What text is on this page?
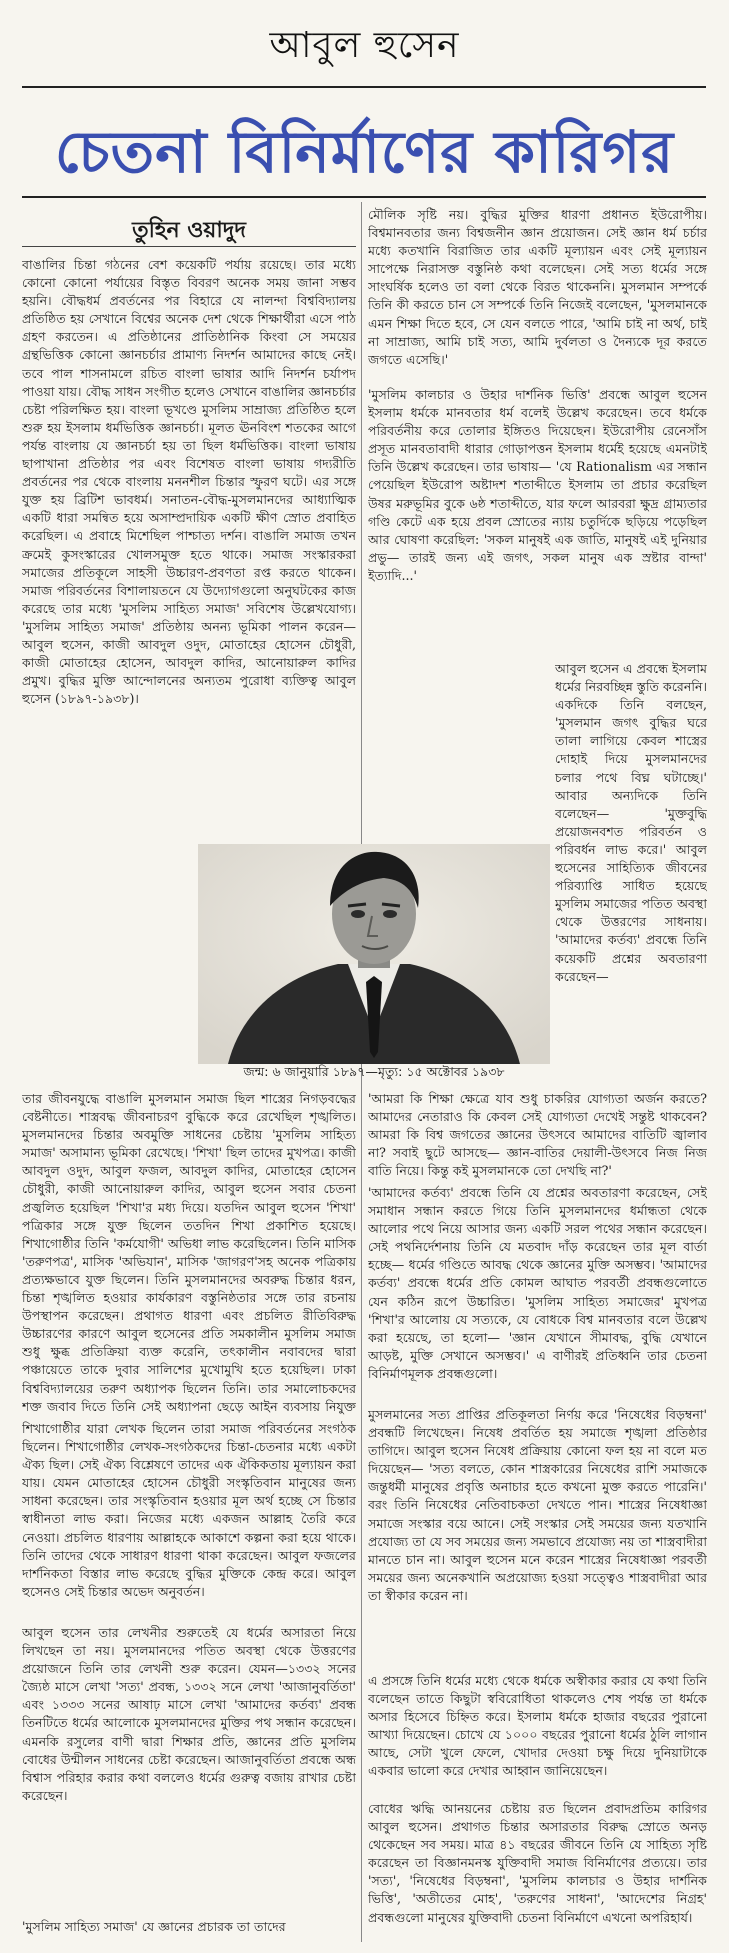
আবুল হুসেন
চেতনা বিনির্মাণের কারিগর
তুহিন ওয়াদুদ

বাঙালির চিন্তা গঠনের বেশ কয়েকটি পর্যায় রয়েছে। তার মধ্যে কোনো কোনো পর্যায়ের বিস্তৃত বিবরণ অনেক সময় জানা সম্ভব হয়নি। বৌদ্ধধর্ম প্রবর্তনের পর বিহারে যে নালন্দা বিশ্ববিদ্যালয় প্রতিষ্ঠিত হয় সেখানে বিশ্বের অনেক দেশ থেকে শিক্ষার্থীরা এসে পাঠ গ্রহণ করতেন। এ প্রতিষ্ঠানের প্রাতিষ্ঠানিক কিংবা সে সময়ের গ্রন্থভিত্তিক কোনো জ্ঞানচর্চার প্রামাণ্য নিদর্শন আমাদের কাছে নেই। তবে পাল শাসনামলে রচিত বাংলা ভাষার আদি নিদর্শন চর্যাপদ পাওয়া যায়। বৌদ্ধ সাধন সংগীত হলেও সেখানে বাঙালির জ্ঞানচর্চার চেষ্টা পরিলক্ষিত হয়। বাংলা ভূখণ্ডে মুসলিম সাম্রাজ্য প্রতিষ্ঠিত হলে শুরু হয় ইসলাম ধর্মভিত্তিক জ্ঞানচর্চা। মূলত ঊনবিংশ শতকের আগে পর্যন্ত বাংলায় যে জ্ঞানচর্চা হয় তা ছিল ধর্মভিত্তিক। বাংলা ভাষায় ছাপাখানা প্রতিষ্ঠার পর এবং বিশেষত বাংলা ভাষায় গদ্যরীতি প্রবর্তনের পর থেকে বাংলায় মননশীল চিন্তার স্ফুরণ ঘটে। এর সঙ্গে যুক্ত হয় ব্রিটিশ ভাবধর্ম। সনাতন-বৌদ্ধ-মুসলমানদের আধ্যাত্মিক একটি ধারা সমন্বিত হয়ে অসাম্প্রদায়িক একটি ক্ষীণ স্রোত প্রবাহিত করেছিল। এ প্রবাহে মিশেছিল পাশ্চাত্য দর্শন। বাঙালি সমাজ তখন ক্রমেই কুসংস্কারের খোলসমুক্ত হতে থাকে। সমাজ সংস্কারকরা সমাজের প্রতিকূলে সাহসী উচ্চারণ-প্রবণতা রপ্ত করতে থাকেন। সমাজ পরিবর্তনের বিশালায়তনে যে উদ্যোগগুলো অনুঘটকের কাজ করেছে তার মধ্যে 'মুসলিম সাহিত্য সমাজ' সবিশেষ উল্লেখযোগ্য। 'মুসলিম সাহিত্য সমাজ' প্রতিষ্ঠায় অনন্য ভূমিকা পালন করেন— আবুল হুসেন, কাজী আবদুল ওদুদ, মোতাহের হোসেন চৌধুরী, কাজী মোতাহের হোসেন, আবদুল কাদির, আনোয়ারুল কাদির প্রমুখ। বুদ্ধির মুক্তি আন্দোলনের অন্যতম পুরোধা ব্যক্তিত্ব আবুল হুসেন (১৮৯৭-১৯৩৮)।

তার জীবনযুদ্ধে বাঙালি মুসলমান সমাজ ছিল শাস্ত্রের নিগড়বদ্ধের বেষ্টনীতে। শাস্ত্রবদ্ধ জীবনাচরণ বুদ্ধিকে করে রেখেছিল শৃঙ্খলিত। মুসলমানদের চিন্তার অবমুক্তি সাধনের চেষ্টায় 'মুসলিম সাহিত্য সমাজ' অসামান্য ভূমিকা রেখেছে। 'শিখা' ছিল তাদের মুখপত্র। কাজী আবদুল ওদুদ, আবুল ফজল, আবদুল কাদির, মোতাহের হোসেন চৌধুরী, কাজী আনোয়ারুল কাদির, আবুল হুসেন সবার চেতনা প্রজ্বলিত হয়েছিল 'শিখা'র মধ্য দিয়ে। যতদিন আবুল হুসেন 'শিখা' পত্রিকার সঙ্গে যুক্ত ছিলেন ততদিন শিখা প্রকাশিত হয়েছে। শিখাগোষ্ঠীর তিনি 'কর্মযোগী' অভিধা লাভ করেছিলেন। তিনি মাসিক 'তরুণপত্র', মাসিক 'অভিযান', মাসিক 'জাগরণ'সহ অনেক পত্রিকায় প্রত্যক্ষভাবে যুক্ত ছিলেন। তিনি মুসলমানদের অবরুদ্ধ চিন্তার ধরন, চিন্তা শৃঙ্খলিত হওয়ার কার্যকারণ বস্তুনিষ্ঠতার সঙ্গে তার রচনায় উপস্থাপন করেছেন। প্রথাগত ধারণা এবং প্রচলিত রীতিবিরুদ্ধ উচ্চারণের কারণে আবুল হুসেনের প্রতি সমকালীন মুসলিম সমাজ শুধু ক্ষুব্ধ প্রতিক্রিয়া ব্যক্ত করেনি, তৎকালীন নবাবদের দ্বারা পঞ্চায়েতে তাকে দুবার সালিশের মুখোমুখি হতে হয়েছিল। ঢাকা বিশ্ববিদ্যালয়ের তরুণ অধ্যাপক ছিলেন তিনি। তার সমালোচকদের শক্ত জবাব দিতে তিনি সেই অধ্যাপনা ছেড়ে আইন ব্যবসায় নিযুক্ত

শিখাগোষ্ঠীর যারা লেখক ছিলেন তারা সমাজ পরিবর্তনের সংগঠক ছিলেন। শিখাগোষ্ঠীর লেখক-সংগঠকদের চিন্তা-চেতনার মধ্যে একটা ঐক্য ছিল। সেই ঐক্য বিশ্লেষণে তাদের এক ঐকিকতায় মূল্যায়ন করা যায়। যেমন মোতাহের হোসেন চৌধুরী সংস্কৃতিবান মানুষের জন্য সাধনা করেছেন। তার সংস্কৃতিবান হওয়ার মূল অর্থ হচ্ছে সে চিন্তার স্বাধীনতা লাভ করা। নিজের মধ্যে একজন আল্লাহ তৈরি করে নেওয়া। প্রচলিত ধারণায় আল্লাহকে আকাশে কল্পনা করা হয়ে থাকে। তিনি তাদের থেকে সাধারণ ধারণা থাকা করেছেন। আবুল ফজলের দার্শনিকতা বিস্তার লাভ করেছে বুদ্ধির মুক্তিকে কেন্দ্র করে। আবুল হুসেনও সেই চিন্তার অভেদ অনুবর্তন।

আবুল হুসেন তার লেখনীর শুরুতেই যে ধর্মের অসারতা নিয়ে লিখছেন তা নয়। মুসলমানদের পতিত অবস্থা থেকে উত্তরণের প্রয়োজনে তিনি তার লেখনী শুরু করেন। যেমন—১৩৩২ সনের জ্যৈষ্ঠ মাসে লেখা 'সত্য' প্রবন্ধ, ১৩৩২ সনে লেখা 'আজানুবর্তিতা' এবং ১৩৩৩ সনের আষাঢ় মাসে লেখা 'আমাদের কর্তব্য' প্রবন্ধ তিনটিতে ধর্মের আলোকে মুসলমানদের মুক্তির পথ সন্ধান করেছেন। এমনকি রসুলের বাণী দ্বারা শিক্ষার প্রতি, জ্ঞানের প্রতি মুসলিম বোধের উন্মীলন সাধনের চেষ্টা করেছেন। আজানুবর্তিতা প্রবন্ধে অন্ধ বিশ্বাস পরিহার করার কথা বললেও ধর্মের গুরুত্ব বজায় রাখার চেষ্টা করেছেন।

'মুসলিম সাহিত্য সমাজ' যে জ্ঞানের প্রচারক তা তাদের

মৌলিক সৃষ্টি নয়। বুদ্ধির মুক্তির ধারণা প্রধানত ইউরোপীয়। বিশ্বমানবতার জন্য বিশ্বজনীন জ্ঞান প্রয়োজন। সেই জ্ঞান ধর্ম চর্চার মধ্যে কতখানি বিরাজিত তার একটি মূল্যায়ন এবং সেই মূল্যায়ন সাপেক্ষে নিরাসক্ত বস্তুনিষ্ঠ কথা বলেছেন। সেই সত্য ধর্মের সঙ্গে সাংঘর্ষিক হলেও তা বলা থেকে বিরত থাকেননি। মুসলমান সম্পর্কে তিনি কী করতে চান সে সম্পর্কে তিনি নিজেই বলেছেন, 'মুসলমানকে এমন শিক্ষা দিতে হবে, সে যেন বলতে পারে, 'আমি চাই না অর্থ, চাই না সাম্রাজ্য, আমি চাই সত্য, আমি দুর্বলতা ও দৈন্যকে দূর করতে জগতে এসেছি।'

'মুসলিম কালচার ও উহার দার্শনিক ভিত্তি' প্রবন্ধে আবুল হুসেন ইসলাম ধর্মকে মানবতার ধর্ম বলেই উল্লেখ করেছেন। তবে ধর্মকে পরিবর্তনীয় করে তোলার ইঙ্গিতও দিয়েছেন। ইউরোপীয় রেনেসাঁস প্রসূত মানবতাবাদী ধারার গোড়াপত্তন ইসলাম ধর্মেই হয়েছে এমনটাই তিনি উল্লেখ করেছেন। তার ভাষায়— 'যে Rationalism এর সন্ধান পেয়েছিল ইউরোপ অষ্টাদশ শতাব্দীতে ইসলাম তা প্রচার করেছিল উষর মরুভূমির বুকে ৬ষ্ঠ শতাব্দীতে, যার ফলে আরবরা ক্ষুদ্র গ্রাম্যতার গণ্ডি কেটে এক হয়ে প্রবল স্রোতের ন্যায় চতুর্দিকে ছড়িয়ে পড়েছিল আর ঘোষণা করেছিল: 'সকল মানুষই এক জাতি, মানুষই এই দুনিয়ার প্রভু— তারই জন্য এই জগৎ, সকল মানুষ এক স্রষ্টার বান্দা' ইত্যাদি...'

আবুল হুসেন এ প্রবন্ধে ইসলাম ধর্মের নিরবচ্ছিন্ন স্তুতি করেননি। একদিকে তিনি বলছেন, 'মুসলমান জগৎ বুদ্ধির ঘরে তালা লাগিয়ে কেবল শাস্ত্রের দোহাই দিয়ে মুসলমানদের চলার পথে বিঘ্ন ঘটাচ্ছে।' আবার অন্যদিকে তিনি বলেছেন— 'মুক্তবুদ্ধি প্রয়োজনবশত পরিবর্তন ও পরিবর্ধন লাভ করে।' আবুল হুসেনের সাহিত্যিক জীবনের পরিব্যাপ্তি সাধিত হয়েছে মুসলিম সমাজের পতিত অবস্থা থেকে উত্তরণের সাধনায়। 'আমাদের কর্তব্য' প্রবন্ধে তিনি কয়েকটি প্রশ্নের অবতারণা করেছেন—

'আমরা কি শিক্ষা ক্ষেত্রে যাব শুধু চাকরির যোগ্যতা অর্জন করতে? আমাদের নেতারাও কি কেবল সেই যোগ্যতা দেখেই সন্তুষ্ট থাকবেন? আমরা কি বিশ্ব জগতের জ্ঞানের উৎসবে আমাদের বাতিটি জ্বালাব না? সবাই ছুটে আসছে— জ্ঞান-বাতির দেয়ালী-উৎসবে নিজ নিজ বাতি নিয়ে। কিন্তু কই মুসলমানকে তো দেখছি না?'

'আমাদের কর্তব্য' প্রবন্ধে তিনি যে প্রশ্নের অবতারণা করেছেন, সেই সমাধান সন্ধান করতে গিয়ে তিনি মুসলমানদের ধর্মান্ধতা থেকে আলোর পথে নিয়ে আসার জন্য একটি সরল পথের সন্ধান করেছেন। সেই পথনির্দেশনায় তিনি যে মতবাদ দাঁড় করেছেন তার মূল বার্তা হচ্ছে— ধর্মের গণ্ডিতে আবদ্ধ থেকে জ্ঞানের মুক্তি অসম্ভব। 'আমাদের কর্তব্য' প্রবন্ধে ধর্মের প্রতি কোমল আঘাত পরবর্তী প্রবন্ধগুলোতে যেন কঠিন রূপে উচ্চারিত। 'মুসলিম সাহিত্য সমাজের' মুখপত্র 'শিখা'র আলোয় যে সত্যকে, যে বোধকে বিশ্ব মানবতার বলে উল্লেখ করা হয়েছে, তা হলো— 'জ্ঞান যেখানে সীমাবদ্ধ, বুদ্ধি যেখানে আড়ষ্ট, মুক্তি সেখানে অসম্ভব।' এ বাণীরই প্রতিধ্বনি তার চেতনা বিনির্মাণমূলক প্রবন্ধগুলো।

মুসলমানের সত্য প্রাপ্তির প্রতিকূলতা নির্ণয় করে 'নিষেধের বিড়ম্বনা' প্রবন্ধটি লিখেছেন। নিষেধ প্রবর্তিত হয় সমাজে শৃঙ্খলা প্রতিষ্ঠার তাগিদে। আবুল হুসেন নিষেধ প্রক্রিয়ায় কোনো ফল হয় না বলে মত দিয়েছেন— 'সত্য বলতে, কোন শাস্ত্রকারের নিষেধের রাশি সমাজকে জন্তুধর্মী মানুষের প্রবৃত্তি অনাচার হতে কখনো মুক্ত করতে পারেনি।' বরং তিনি নিষেধের নেতিবাচকতা দেখতে পান। শাস্ত্রের নিষেধাজ্ঞা সমাজে সংস্কার বয়ে আনে। সেই সংস্কার সেই সময়ের জন্য যতখানি প্রযোজ্য তা যে সব সময়ের জন্য সমভাবে প্রযোজ্য নয় তা শাস্ত্রবাদীরা মানতে চান না। আবুল হুসেন মনে করেন শাস্ত্রের নিষেধাজ্ঞা পরবর্তী সময়ের জন্য অনেকখানি অপ্রয়োজ্য হওয়া সত্ত্বেও শাস্ত্রবাদীরা আর তা স্বীকার করেন না।

এ প্রসঙ্গে তিনি ধর্মের মধ্যে থেকে ধর্মকে অস্বীকার করার যে কথা তিনি বলেছেন তাতে কিছুটা স্ববিরোধিতা থাকলেও শেষ পর্যন্ত তা ধর্মকে অসার হিসেবে চিহ্নিত করে। ইসলাম ধর্মকে হাজার বছরের পুরানো আখ্যা দিয়েছেন। চোখে যে ১০০০ বছরের পুরানো ধর্মের ঠুলি লাগান আছে, সেটা খুলে ফেলে, খোদার দেওয়া চক্ষু দিয়ে দুনিয়াটাকে একবার ভালো করে দেখার আহ্বান জানিয়েছেন।

বোধের ঋদ্ধি আনয়নের চেষ্টায় রত ছিলেন প্রবাদপ্রতিম কারিগর আবুল হুসেন। প্রথাগত চিন্তার অসারতার বিরুদ্ধ স্রোতে অনড় থেকেছেন সব সময়। মাত্র ৪১ বছরের জীবনে তিনি যে সাহিত্য সৃষ্টি করেছেন তা বিজ্ঞানমনস্ক যুক্তিবাদী সমাজ বিনির্মাণের প্রত্যয়ে। তার 'সত্য', 'নিষেধের বিড়ম্বনা', 'মুসলিম কালচার ও উহার দার্শনিক ভিত্তি', 'অতীতের মোহ', 'তরুণের সাধনা', 'আদেশের নিগ্রহ' প্রবন্ধগুলো মানুষের যুক্তিবাদী চেতনা বিনির্মাণে এখনো অপরিহার্য।

জন্ম: ৬ জানুয়ারি ১৮৯৭—মৃত্যু: ১৫ অক্টোবর ১৯৩৮
